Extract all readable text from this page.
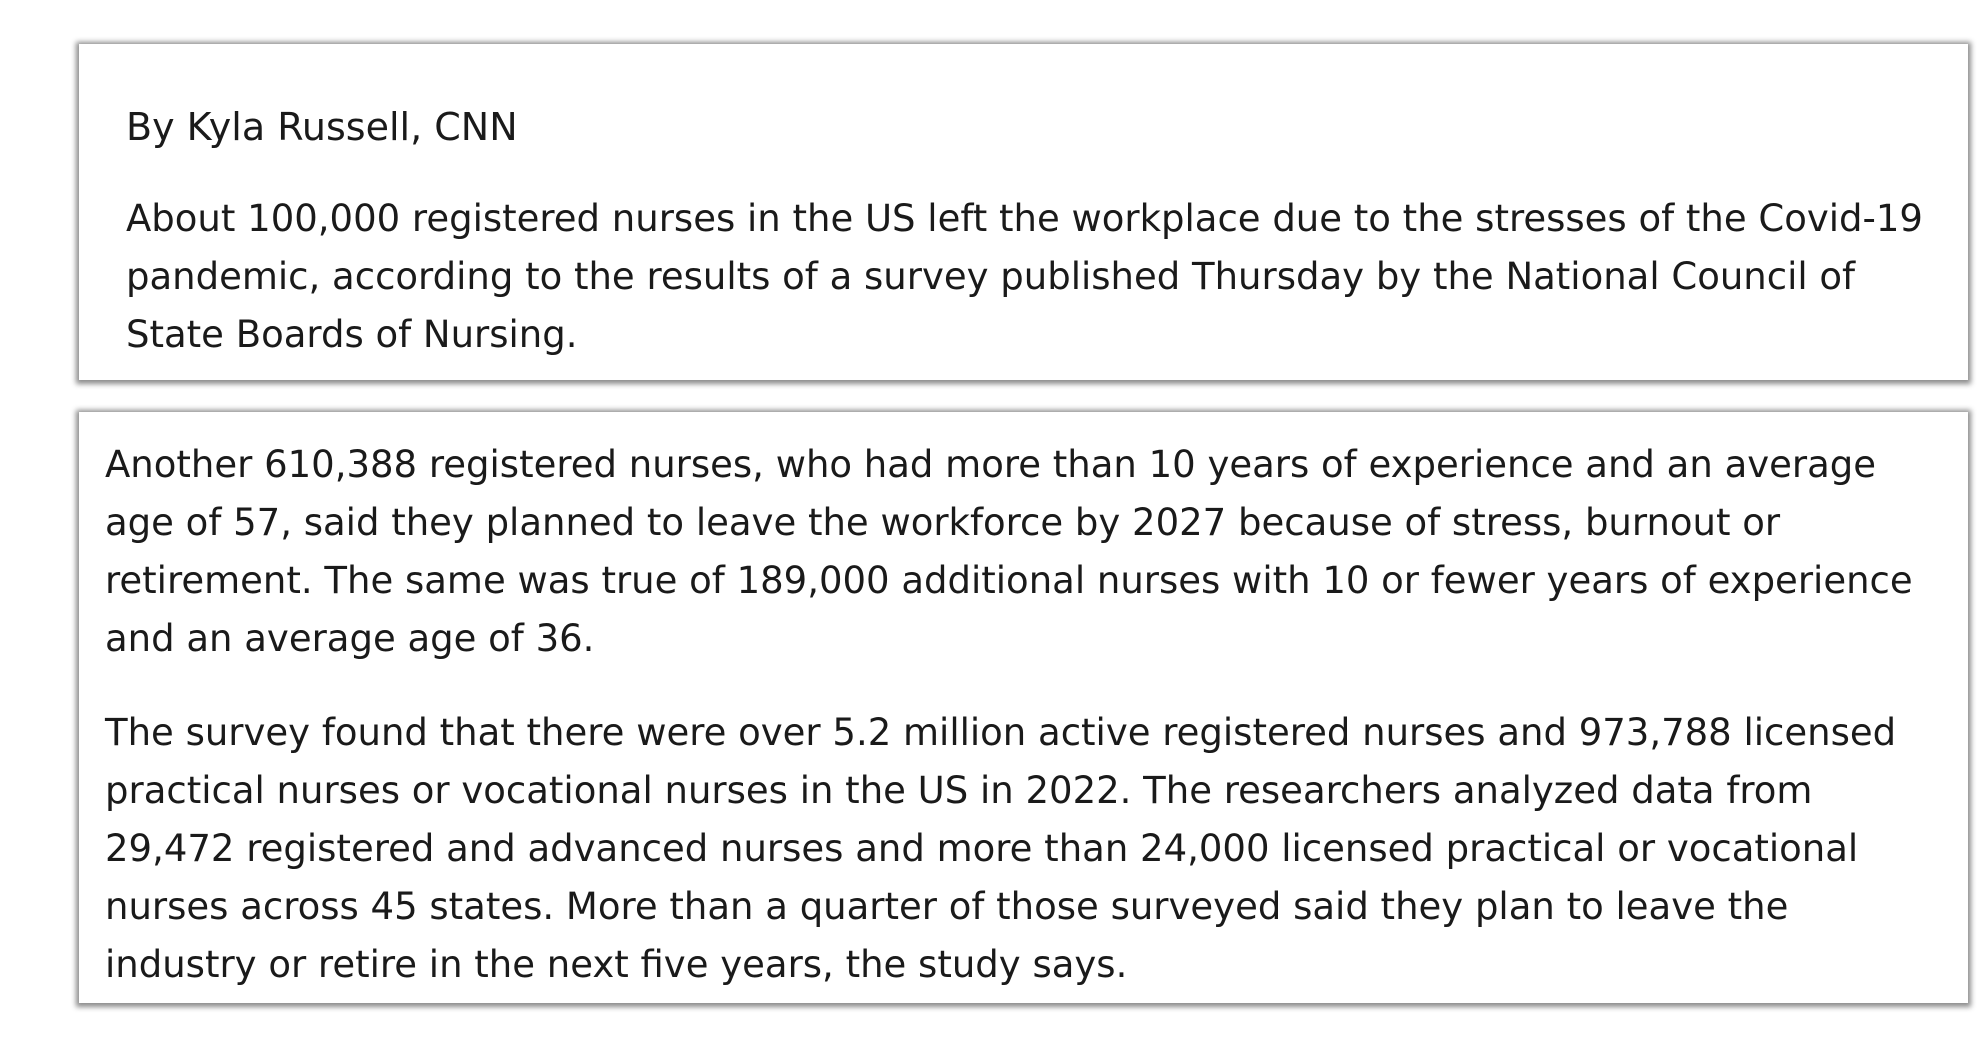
By Kyla Russell, CNN

About 100,000 registered nurses in the US left the workplace due to the stresses of the Covid-19 pandemic, according to the results of a survey published Thursday by the National Council of State Boards of Nursing.

Another 610,388 registered nurses, who had more than 10 years of experience and an average age of 57, said they planned to leave the workforce by 2027 because of stress, burnout or retirement. The same was true of 189,000 additional nurses with 10 or fewer years of experience and an average age of 36.

The survey found that there were over 5.2 million active registered nurses and 973,788 licensed practical nurses or vocational nurses in the US in 2022. The researchers analyzed data from 29,472 registered and advanced nurses and more than 24,000 licensed practical or vocational nurses across 45 states. More than a quarter of those surveyed said they plan to leave the industry or retire in the next five years, the study says.
